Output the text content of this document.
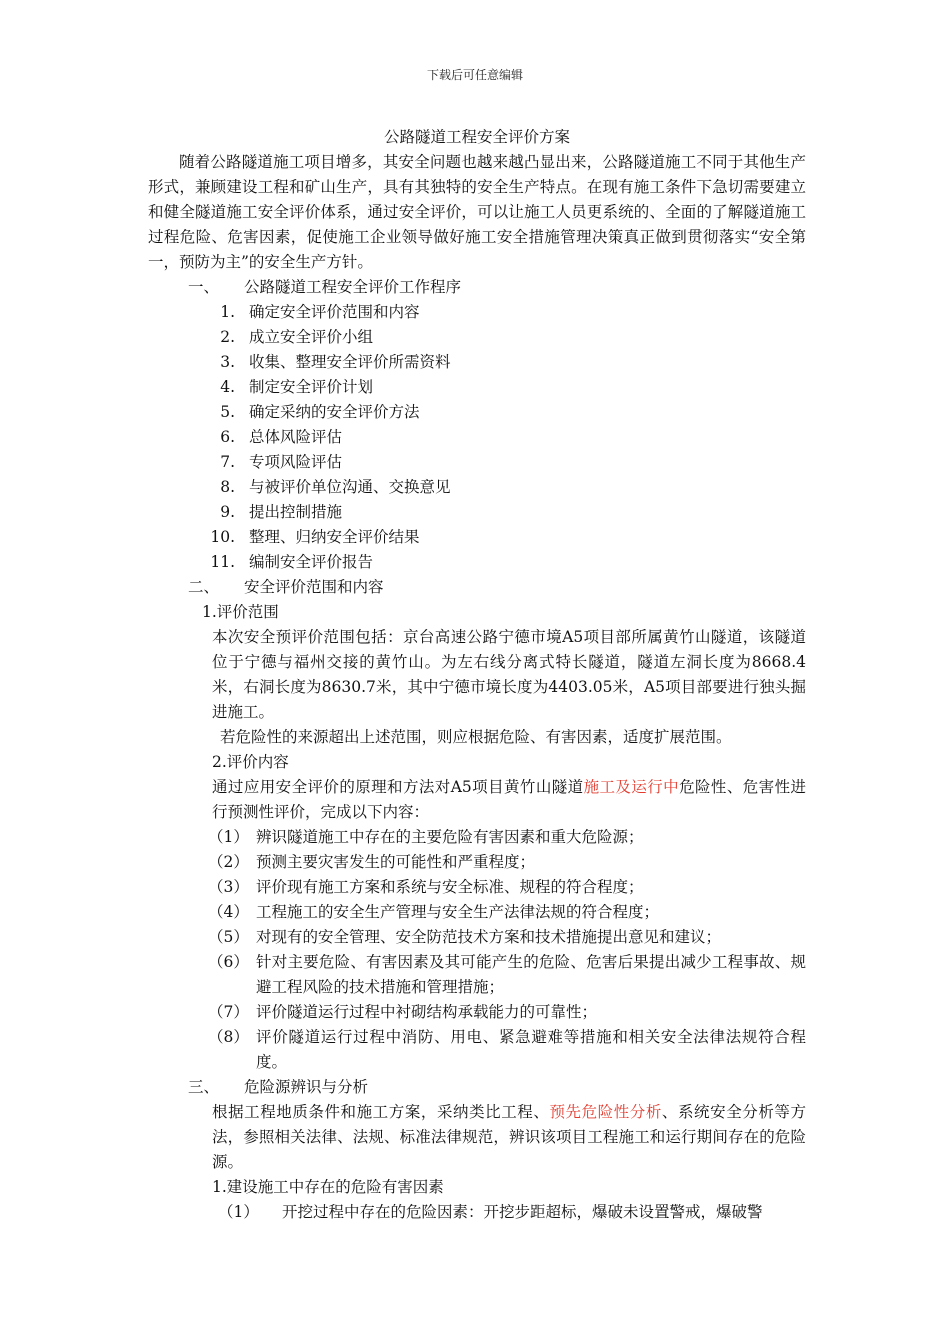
下载后可任意编辑
公路隧道工程安全评价方案

随着公路隧道施工项目增多，其安全问题也越来越凸显出来，公路隧道施工不同于其他生产形式，兼顾建设工程和矿山生产，具有其独特的安全生产特点。在现有施工条件下急切需要建立和健全隧道施工安全评价体系，通过安全评价，可以让施工人员更系统的、全面的了解隧道施工过程危险、危害因素，促使施工企业领导做好施工安全措施管理决策真正做到贯彻落实“安全第一，预防为主”的安全生产方针。

一、	公路隧道工程安全评价工作程序
1. 确定安全评价范围和内容
2. 成立安全评价小组
3. 收集、整理安全评价所需资料
4. 制定安全评价计划
5. 确定采纳的安全评价方法
6. 总体风险评估
7. 专项风险评估
8. 与被评价单位沟通、交换意见
9. 提出控制措施
10. 整理、归纳安全评价结果
11. 编制安全评价报告
二、	安全评价范围和内容
1.评价范围
本次安全预评价范围包括：京台高速公路宁德市境A5项目部所属黄竹山隧道，该隧道位于宁德与福州交接的黄竹山。为左右线分离式特长隧道，隧道左洞长度为8668.4米，右洞长度为8630.7米，其中宁德市境长度为4403.05米，A5项目部要进行独头掘进施工。
若危险性的来源超出上述范围，则应根据危险、有害因素，适度扩展范围。
2.评价内容
通过应用安全评价的原理和方法对A5项目黄竹山隧道施工及运行中危险性、危害性进行预测性评价，完成以下内容：
（1） 辨识隧道施工中存在的主要危险有害因素和重大危险源；
（2） 预测主要灾害发生的可能性和严重程度；
（3） 评价现有施工方案和系统与安全标准、规程的符合程度；
（4） 工程施工的安全生产管理与安全生产法律法规的符合程度；
（5） 对现有的安全管理、安全防范技术方案和技术措施提出意见和建议；
（6） 针对主要危险、有害因素及其可能产生的危险、危害后果提出减少工程事故、规避工程风险的技术措施和管理措施；
（7） 评价隧道运行过程中衬砌结构承载能力的可靠性；
（8） 评价隧道运行过程中消防、用电、紧急避难等措施和相关安全法律法规符合程度。
三、	危险源辨识与分析
根据工程地质条件和施工方案，采纳类比工程、预先危险性分析、系统安全分析等方法，参照相关法律、法规、标准法律规范，辨识该项目工程施工和运行期间存在的危险源。
1.建设施工中存在的危险有害因素
（1）	开挖过程中存在的危险因素：开挖步距超标，爆破未设置警戒，爆破警
